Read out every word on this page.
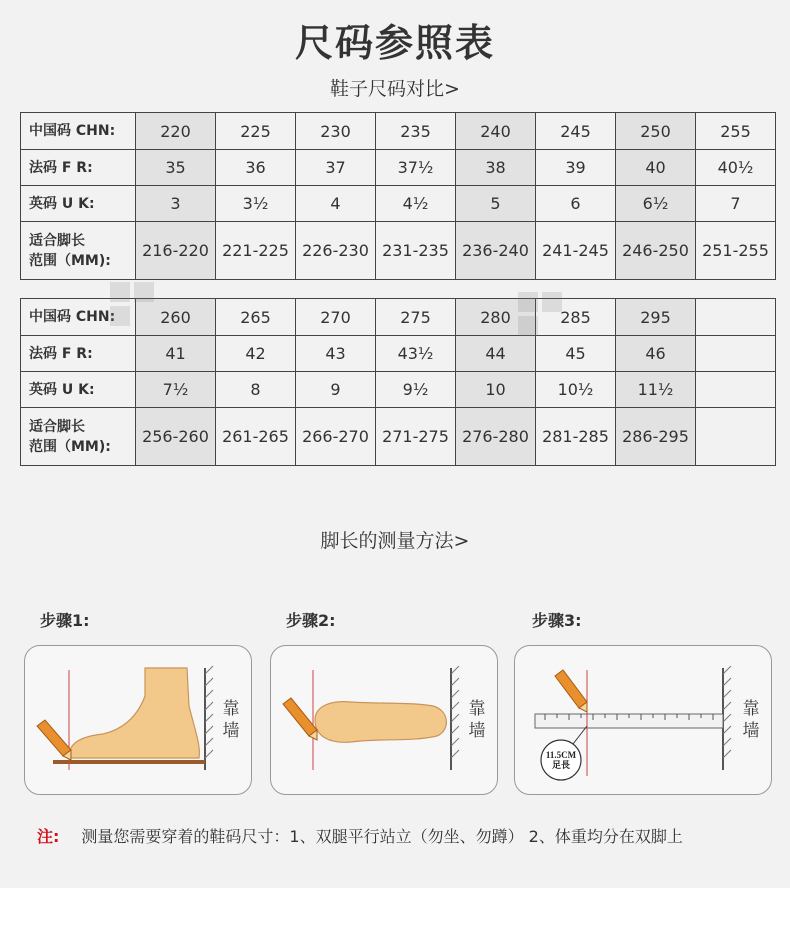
尺码参照表
鞋子尺码对比>
中国码 CHN:	220	225	230	235	240	245	250	255
法码 F R:	35	36	37	37½	38	39	40	40½
英码 U K:	3	3½	4	4½	5	6	6½	7
适合脚长
范围（MM):	216-220	221-225	226-230	231-235	236-240	241-245	246-250	251-255
中国码 CHN:	260	265	270	275	280	285	295	
法码 F R:	41	42	43	43½	44	45	46	
英码 U K:	7½	8	9	9½	10	10½	11½	
适合脚长
范围（MM):	256-260	261-265	266-270	271-275	276-280	281-285	286-295	
脚长的测量方法>
步骤1:	步骤2:	步骤3:
靠
墙
靠
墙
11.5CM
足長
靠
墙
注: 测量您需要穿着的鞋码尺寸：1、双腿平行站立（勿坐、勿蹲） 2、体重均分在双脚上
